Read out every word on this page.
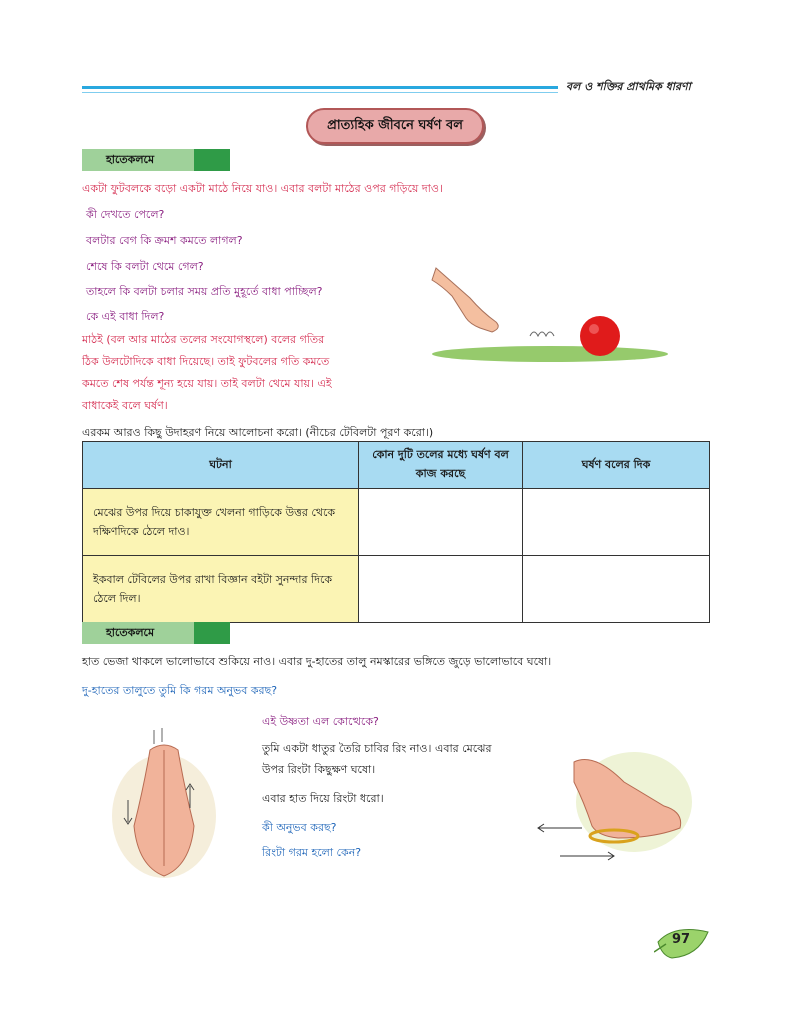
বল ও শক্তির প্রাথমিক ধারণা
প্রাত্যহিক জীবনে ঘর্ষণ বল
হাতেকলমে
একটা ফুটবলকে বড়ো একটা মাঠে নিয়ে যাও। এবার বলটা মাঠের ওপর গড়িয়ে দাও।
কী দেখতে পেলে?
বলটার বেগ কি ক্রমশ কমতে লাগল?
শেষে কি বলটা থেমে গেল?
তাহলে কি বলটা চলার সময় প্রতি মুহূর্তে বাধা পাচ্ছিল?
কে এই বাধা দিল?
মাঠই (বল আর মাঠের তলের সংযোগস্থলে) বলের গতির
ঠিক উলটোদিকে বাধা দিয়েছে। তাই ফুটবলের গতি কমতে
কমতে শেষ পর্যন্ত শূন্য হয়ে যায়। তাই বলটা থেমে যায়। এই
বাধাকেই বলে ঘর্ষণ।
এরকম আরও কিছু উদাহরণ নিয়ে আলোচনা করো। (নীচের টেবিলটা পূরণ করো।)
ঘটনা	কোন দুটি তলের মধ্যে ঘর্ষণ বল কাজ করছে	ঘর্ষণ বলের দিক
মেঝের উপর দিয়ে চাকাযুক্ত খেলনা গাড়িকে উত্তর থেকে দক্ষিণদিকে ঠেলে দাও।		
ইকবাল টেবিলের উপর রাখা বিজ্ঞান বইটা সুনন্দার দিকে ঠেলে দিল।		
হাতেকলমে
হাত ভেজা থাকলে ভালোভাবে শুকিয়ে নাও। এবার দু-হাতের তালু নমস্কারের ভঙ্গিতে জুড়ে ভালোভাবে ঘষো।
দু-হাতের তালুতে তুমি কি গরম অনুভব করছ?
এই উষ্ণতা এল কোত্থেকে?
তুমি একটা ধাতুর তৈরি চাবির রিং নাও। এবার মেঝের
উপর রিংটা কিছুক্ষণ ঘষো।
এবার হাত দিয়ে রিংটা ধরো।
কী অনুভব করছ?
রিংটা গরম হলো কেন?
97
